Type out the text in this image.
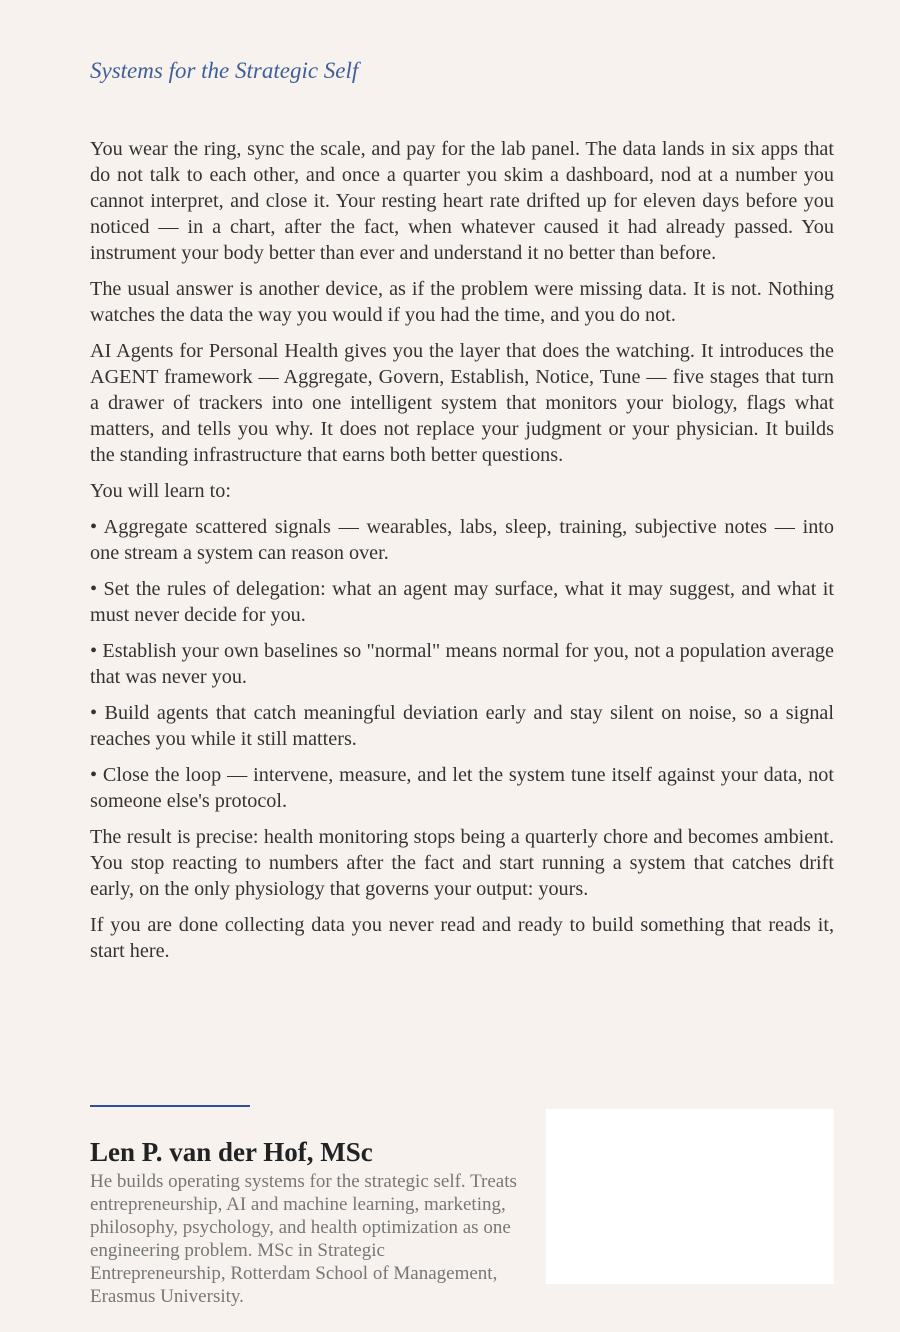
Systems for the Strategic Self

You wear the ring, sync the scale, and pay for the lab panel. The data lands in six apps that do not talk to each other, and once a quarter you skim a dashboard, nod at a number you cannot interpret, and close it. Your resting heart rate drifted up for eleven days before you noticed — in a chart, after the fact, when whatever caused it had already passed. You instrument your body better than ever and understand it no better than before.

The usual answer is another device, as if the problem were missing data. It is not. Nothing watches the data the way you would if you had the time, and you do not.

AI Agents for Personal Health gives you the layer that does the watching. It introduces the AGENT framework — Aggregate, Govern, Establish, Notice, Tune — five stages that turn a drawer of trackers into one intelligent system that monitors your biology, flags what matters, and tells you why. It does not replace your judgment or your physician. It builds the standing infrastructure that earns both better questions.

You will learn to:

• Aggregate scattered signals — wearables, labs, sleep, training, subjective notes — into one stream a system can reason over.

• Set the rules of delegation: what an agent may surface, what it may suggest, and what it must never decide for you.

• Establish your own baselines so "normal" means normal for you, not a population average that was never you.

• Build agents that catch meaningful deviation early and stay silent on noise, so a signal reaches you while it still matters.

• Close the loop — intervene, measure, and let the system tune itself against your data, not someone else's protocol.

The result is precise: health monitoring stops being a quarterly chore and becomes ambient. You stop reacting to numbers after the fact and start running a system that catches drift early, on the only physiology that governs your output: yours.

If you are done collecting data you never read and ready to build something that reads it, start here.

Len P. van der Hof, MSc
He builds operating systems for the strategic self. Treats entrepreneurship, AI and machine learning, marketing, philosophy, psychology, and health optimization as one engineering problem. MSc in Strategic Entrepreneurship, Rotterdam School of Management, Erasmus University.
